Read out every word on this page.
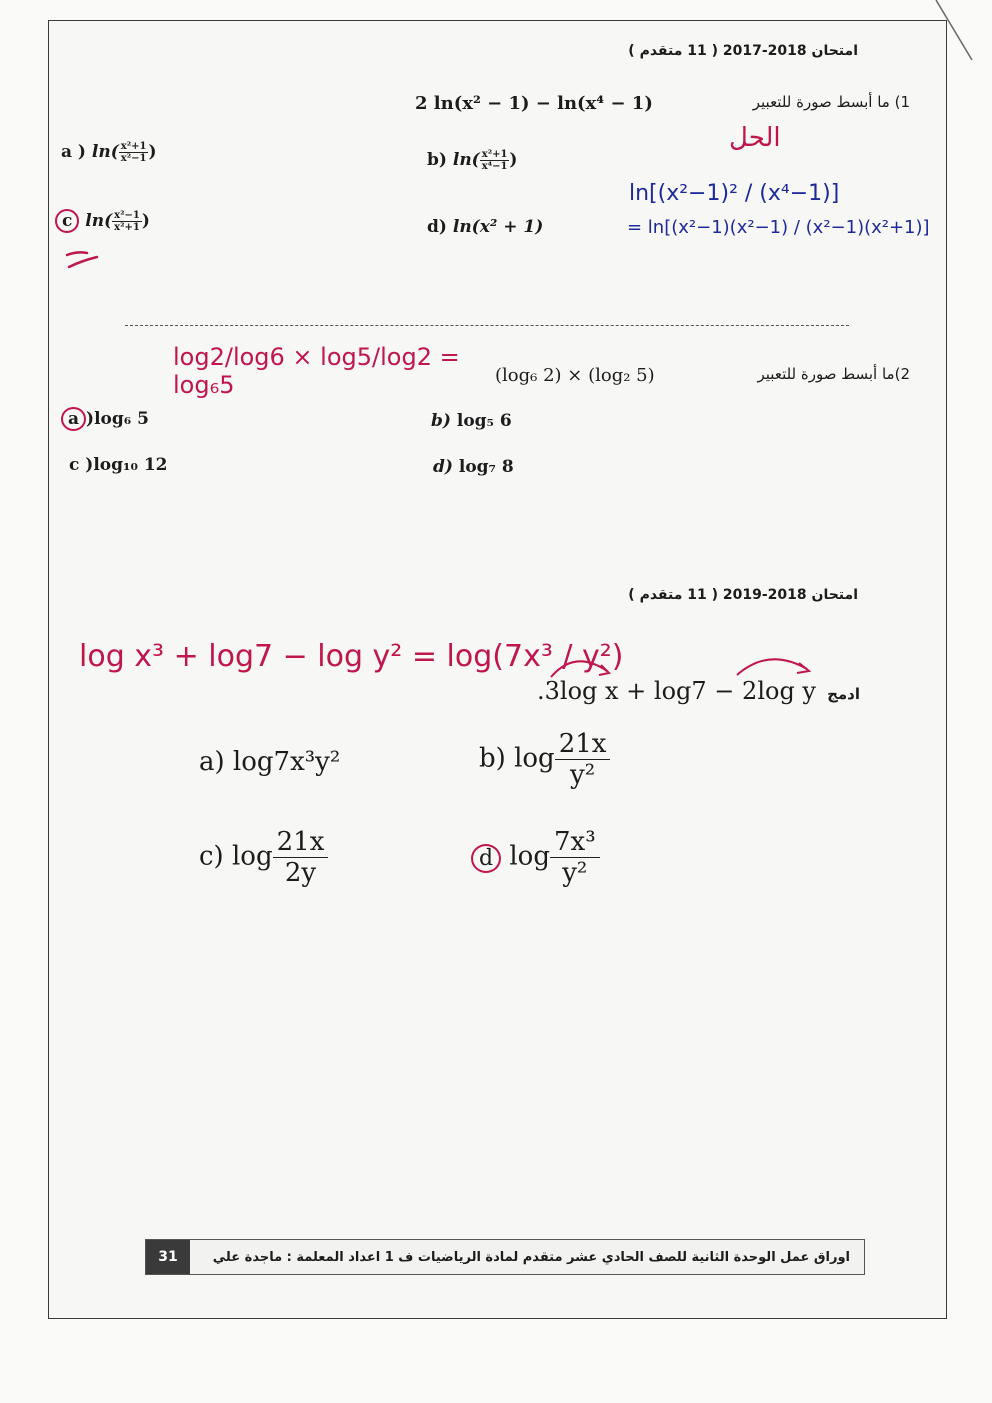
امتحان 2018-2017 ( 11 متقدم )
1) ما أبسط صورة للتعبير
2 ln(x² − 1) − ln(x⁴ − 1)
a ) $\ln( \frac{\text{x²+1}}{\text{x²−1}}$ )	b) $\ln( \frac{\text{x²+1}}{\text{x⁴−1}}$ )
c $\ln( \frac{\text{x²−1}}{\text{x²+1}}$ )	d) ln(x² + 1)
الحل
ln[(x²−1)² / (x⁴−1)]
= ln[(x²−1)(x²−1) / (x²−1)(x²+1)]
2)ما أبسط صورة للتعبير
(log₆ 2) × (log₂ 5)
log2/log6 × log5/log2 = log₆5
a )log₆ 5	b) log₅ 6
c )log₁₀ 12	d) log₇ 8
امتحان 2018-2019 ( 11 متقدم )
log x³ + log7 − log y² = log(7x³ / y²)
ادمج
.3log x + log7 − 2log y
a) log7x³y²	b) $\log \frac{21x}{\text{y²}}$
c) $\log \frac{21x}{2y}$	d $\log \frac{\text{7x³}}{\text{y²}}$
31	اوراق عمل الوحدة الثانية للصف الحادي عشر متقدم لمادة الرياضيات ف 1 اعداد المعلمة : ماجدة علي
